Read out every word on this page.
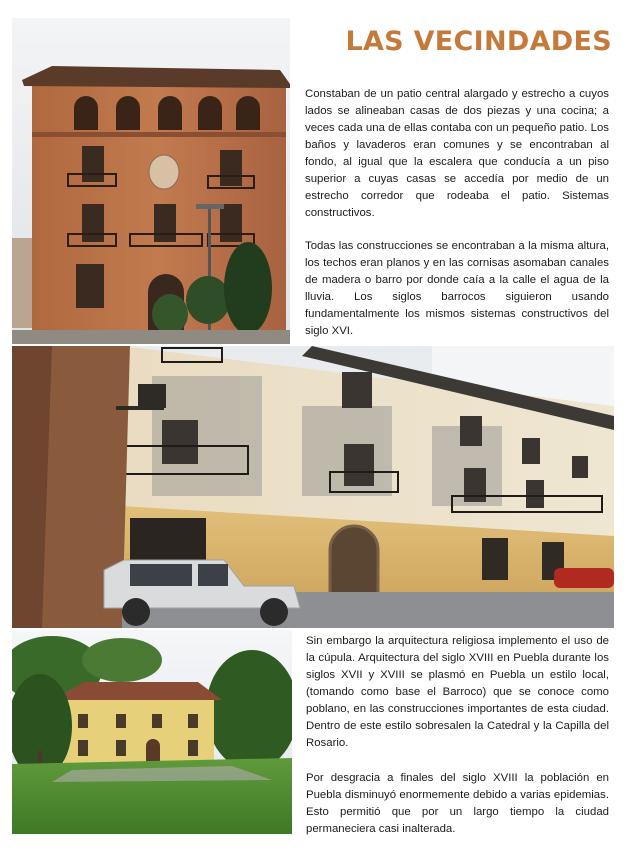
LAS VECINDADES

Constaban de un patio central alargado y estrecho a cuyos lados se alineaban casas de dos piezas y una cocina; a veces cada una de ellas contaba con un pequeño patio. Los baños y lavaderos eran comunes y se encontraban al fondo, al igual que la escalera que conducía a un piso superior a cuyas casas se accedía por medio de un estrecho corredor que rodeaba el patio. Sistemas constructivos.

Todas las construcciones se encontraban a la misma altura, los techos eran planos y en las cornisas asomaban canales de madera o barro por donde caía a la calle el agua de la lluvia. Los siglos barrocos siguieron usando fundamentalmente los mismos sistemas constructivos del siglo XVI.

Sin embargo la arquitectura religiosa implemento el uso de la cúpula. Arquitectura del siglo XVIII en Puebla durante los siglos XVII y XVIII se plasmó en Puebla un estilo local, (tomando como base el Barroco) que se conoce como poblano, en las construcciones importantes de esta ciudad. Dentro de este estilo sobresalen la Catedral y la Capilla del Rosario.

Por desgracia a finales del siglo XVIII la población en Puebla disminuyó enormemente debido a varias epidemias. Esto permitió que por un largo tiempo la ciudad permaneciera casi inalterada.
